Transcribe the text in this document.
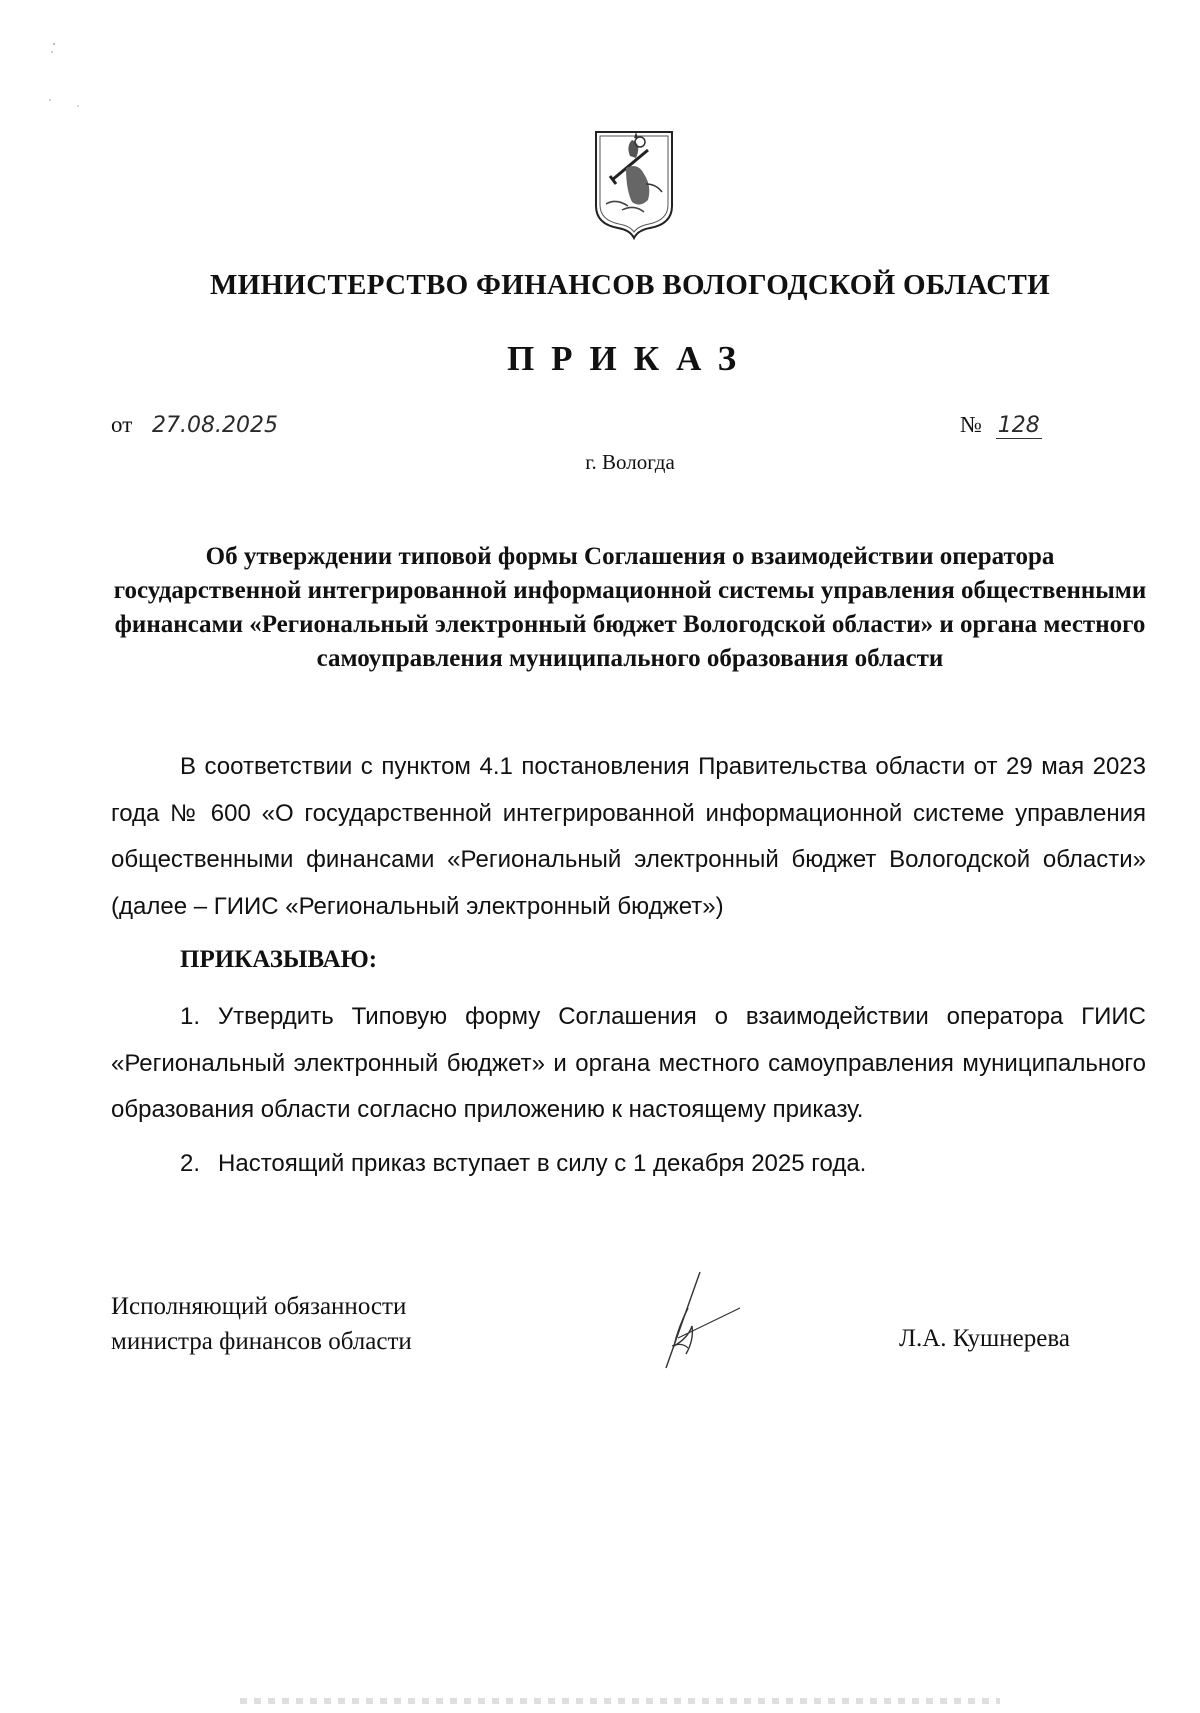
МИНИСТЕРСТВО ФИНАНСОВ ВОЛОГОДСКОЙ ОБЛАСТИ
ПРИКАЗ
от 27.08.2025	№ 128
г. Вологда
Об утверждении типовой формы Соглашения о взаимодействии оператора государственной интегрированной информационной системы управления общественными финансами «Региональный электронный бюджет Вологодской области» и органа местного самоуправления муниципального образования области
В соответствии с пунктом 4.1 постановления Правительства области от 29 мая 2023 года № 600 «О государственной интегрированной информационной системе управления общественными финансами «Региональный электронный бюджет Вологодской области» (далее – ГИИС «Региональный электронный бюджет»)
ПРИКАЗЫВАЮ:
1. Утвердить Типовую форму Соглашения о взаимодействии оператора ГИИС «Региональный электронный бюджет» и органа местного самоуправления муниципального образования области согласно приложению к настоящему приказу.
2. Настоящий приказ вступает в силу с 1 декабря 2025 года.
Исполняющий обязанности
министра финансов области	Л.А. Кушнерева
